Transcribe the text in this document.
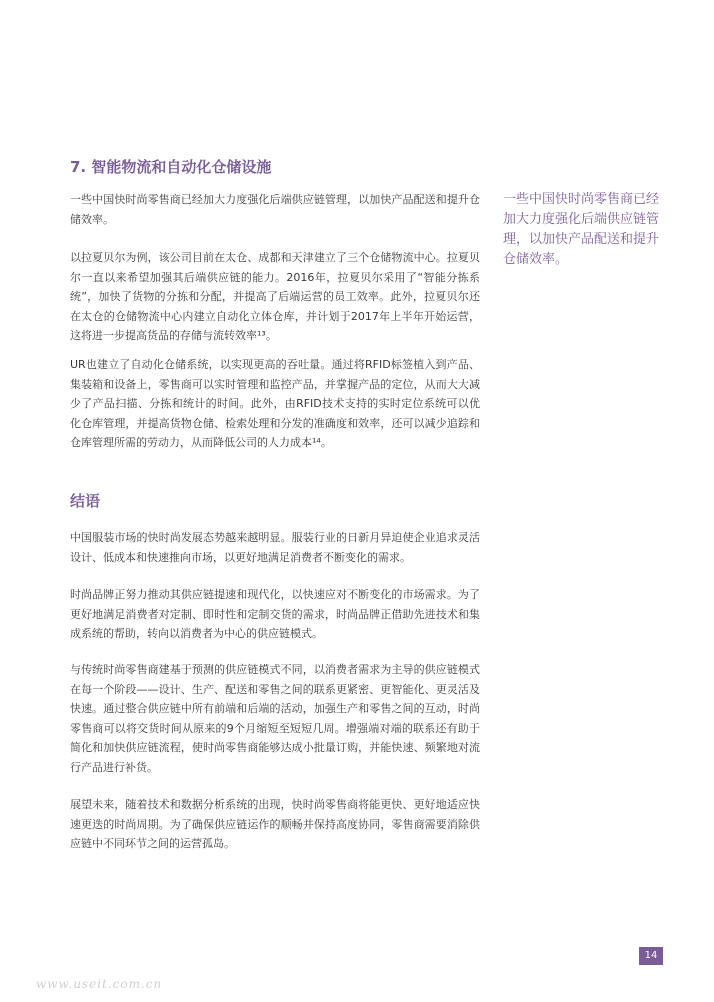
7. 智能物流和自动化仓储设施

一些中国快时尚零售商已经加大力度强化后端供应链管理，以加快产品配送和提升仓储效率。

以拉夏贝尔为例，该公司目前在太仓、成都和天津建立了三个仓储物流中心。拉夏贝尔一直以来希望加强其后端供应链的能力。2016年，拉夏贝尔采用了“智能分拣系统”，加快了货物的分拣和分配，并提高了后端运营的员工效率。此外，拉夏贝尔还在太仓的仓储物流中心内建立自动化立体仓库，并计划于2017年上半年开始运营，这将进一步提高货品的存储与流转效率¹³。

UR也建立了自动化仓储系统，以实现更高的吞吐量。通过将RFID标签植入到产品、集装箱和设备上，零售商可以实时管理和监控产品，并掌握产品的定位，从而大大减少了产品扫描、分拣和统计的时间。此外，由RFID技术支持的实时定位系统可以优化仓库管理，并提高货物仓储、检索处理和分发的准确度和效率，还可以减少追踪和仓库管理所需的劳动力，从而降低公司的人力成本¹⁴。

结语

中国服装市场的快时尚发展态势越来越明显。服装行业的日新月异迫使企业追求灵活设计、低成本和快速推向市场，以更好地满足消费者不断变化的需求。

时尚品牌正努力推动其供应链提速和现代化，以快速应对不断变化的市场需求。为了更好地满足消费者对定制、即时性和定制交货的需求，时尚品牌正借助先进技术和集成系统的帮助，转向以消费者为中心的供应链模式。

与传统时尚零售商建基于预测的供应链模式不同，以消费者需求为主导的供应链模式在每一个阶段——设计、生产、配送和零售之间的联系更紧密、更智能化、更灵活及快速。通过整合供应链中所有前端和后端的活动，加强生产和零售之间的互动，时尚零售商可以将交货时间从原来的9个月缩短至短短几周。增强端对端的联系还有助于简化和加快供应链流程，使时尚零售商能够达成小批量订购，并能快速、频繁地对流行产品进行补货。

展望未来，随着技术和数据分析系统的出现，快时尚零售商将能更快、更好地适应快速更迭的时尚周期。为了确保供应链运作的顺畅并保持高度协同，零售商需要消除供应链中不同环节之间的运营孤岛。

一些中国快时尚零售商已经加大力度强化后端供应链管理，以加快产品配送和提升仓储效率。
14
www.useit.com.cn
